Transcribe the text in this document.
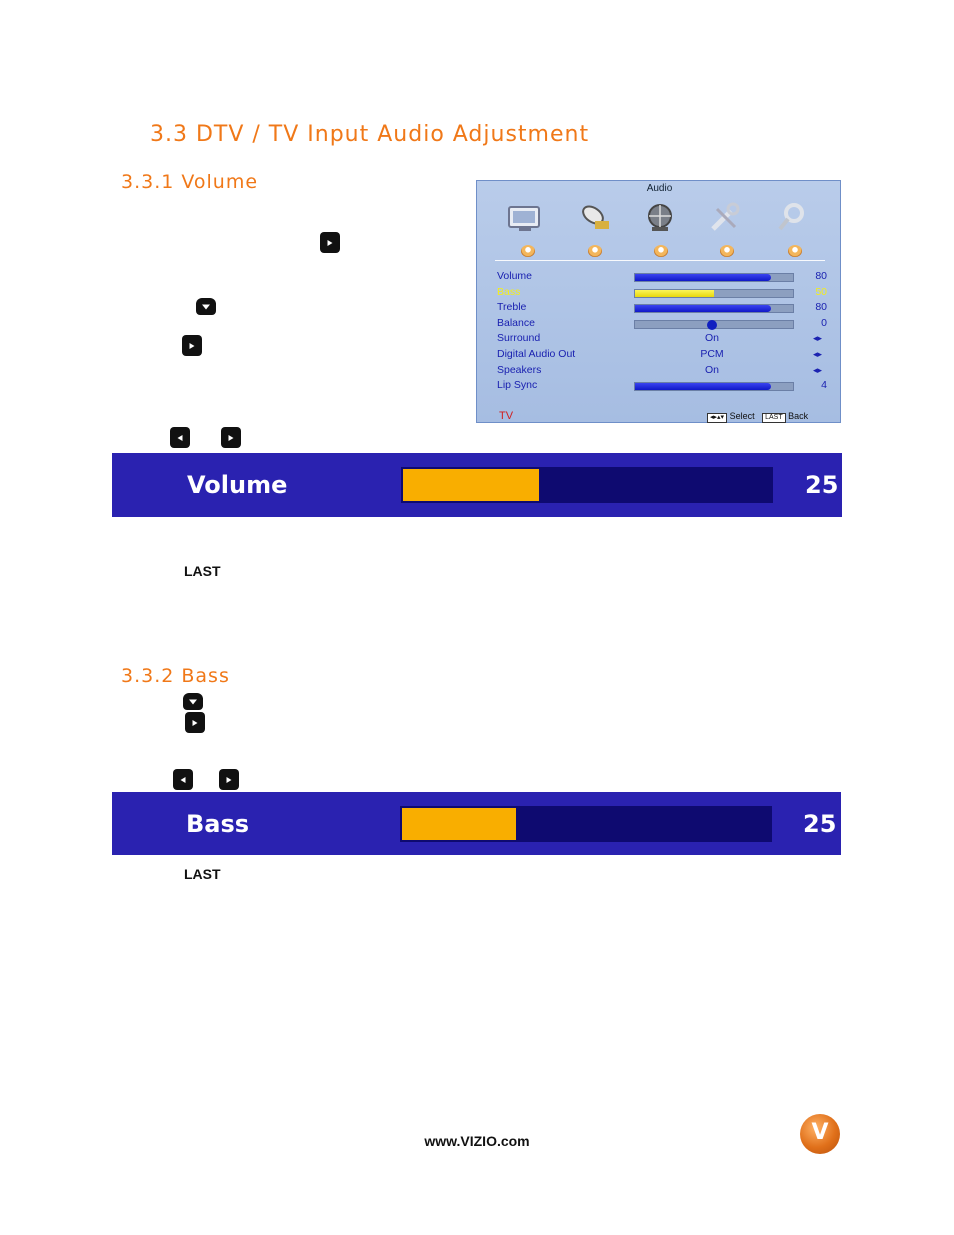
3.3 DTV / TV Input Audio Adjustment
3.3.1 Volume	Audio
Volume	80
Bass	50
Treble	80
Balance	0
Surround	On	◂▸
Digital Audio Out	PCM	◂▸
Speakers	On	◂▸
Lip Sync	4
TV	◂▸▴▾ Select LAST Back
Volume	25
LAST
3.3.2 Bass
Bass	25
LAST
www.VIZIO.com	V
